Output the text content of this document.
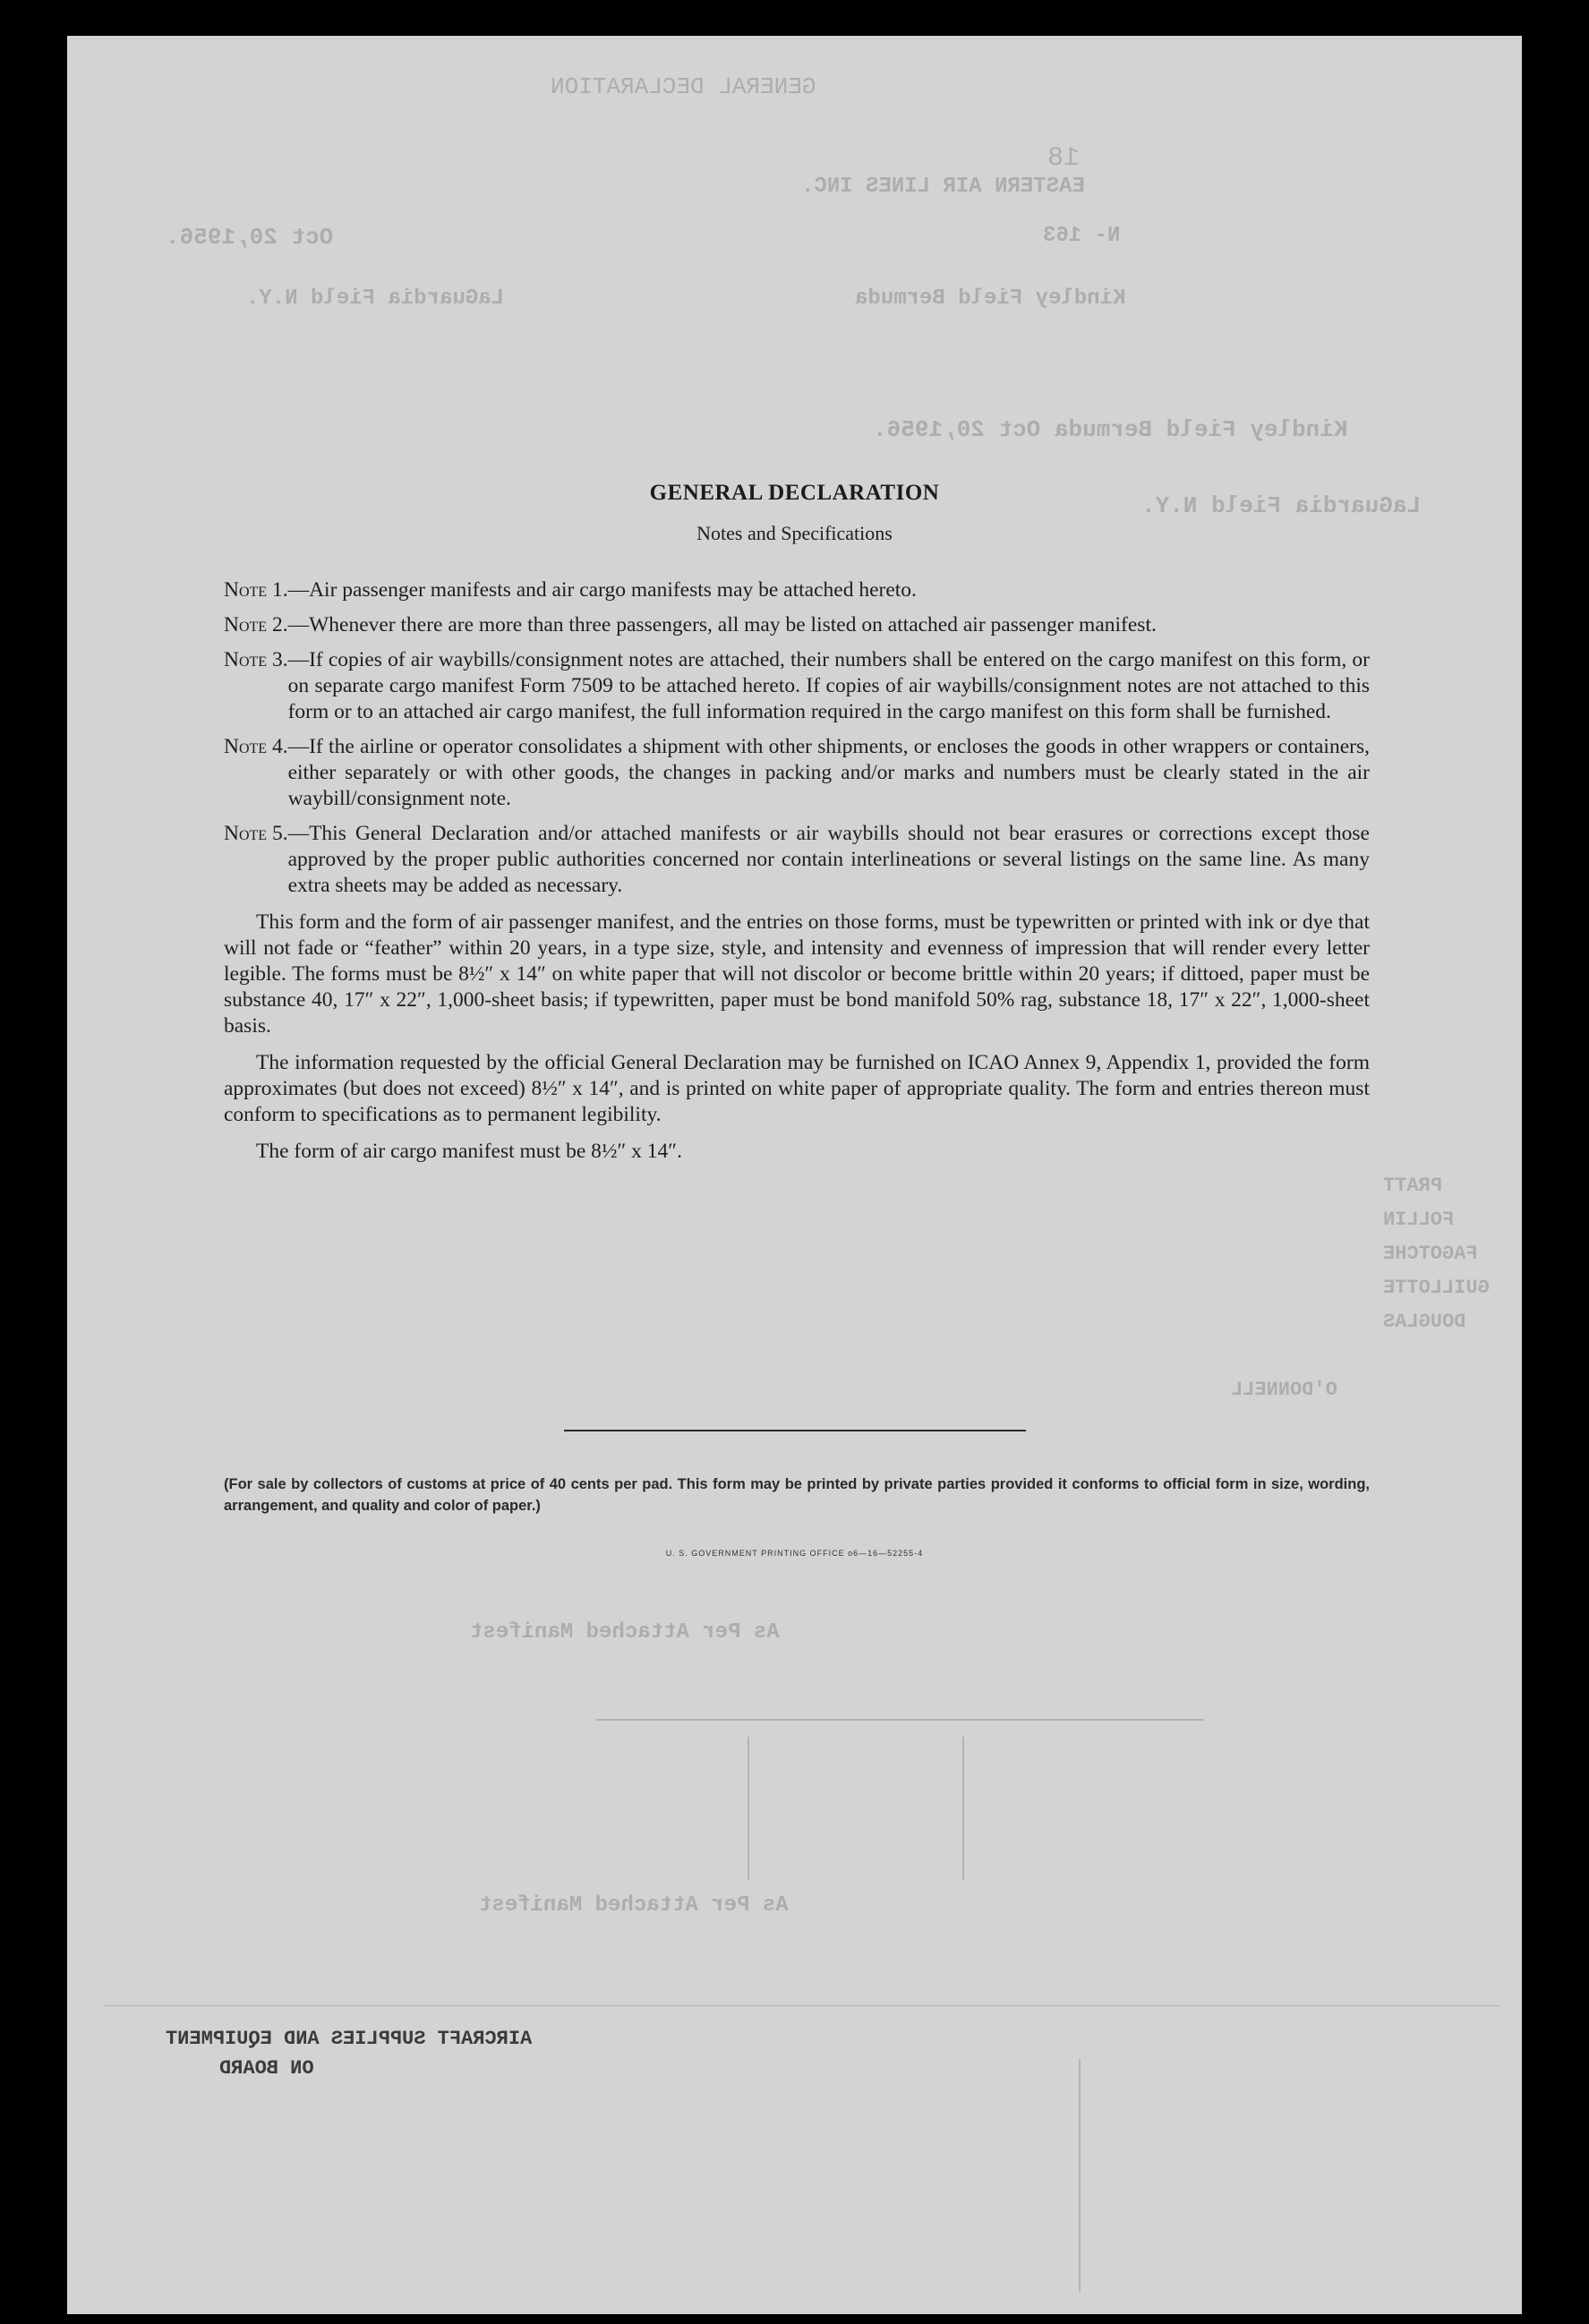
GENERAL DECLARATION
18
EASTERN AIR LINES INC.
N- 163
Oct 20,1956.
Kindley Field Bermuda
LaGuardia Field N.Y.
Kindley Field Bermuda Oct 20,1956.
LaGuardia Field N.Y.
PRATT
FOLLIN
FAGOTCHE
GUILLOTTE
DOUGLAS
O'DONNELL
As Per Attached Manifest
As Per Attached Manifest
GENERAL DECLARATION
Notes and Specifications
Note 1. —Air passenger manifests and air cargo manifests may be attached hereto.
Note 2. —Whenever there are more than three passengers, all may be listed on attached air passenger manifest.
Note 3. —If copies of air waybills/consignment notes are attached, their numbers shall be entered on the cargo manifest on this form, or on separate cargo manifest Form 7509 to be attached hereto. If copies of air waybills/consignment notes are not attached to this form or to an attached air cargo manifest, the full information required in the cargo manifest on this form shall be furnished.
Note 4. —If the airline or operator consolidates a shipment with other shipments, or encloses the goods in other wrappers or containers, either separately or with other goods, the changes in packing and/or marks and numbers must be clearly stated in the air waybill/consignment note.
Note 5. —This General Declaration and/or attached manifests or air waybills should not bear erasures or corrections except those approved by the proper public authorities concerned nor contain interlineations or several listings on the same line. As many extra sheets may be added as necessary.

This form and the form of air passenger manifest, and the entries on those forms, must be typewritten or printed with ink or dye that will not fade or “feather” within 20 years, in a type size, style, and intensity and evenness of impression that will render every letter legible. The forms must be 8½″ x 14″ on white paper that will not discolor or become brittle within 20 years; if dittoed, paper must be substance 40, 17″ x 22″, 1,000-sheet basis; if typewritten, paper must be bond manifold 50% rag, substance 18, 17″ x 22″, 1,000-sheet basis.

The information requested by the official General Declaration may be furnished on ICAO Annex 9, Appendix 1, provided the form approximates (but does not exceed) 8½″ x 14″, and is printed on white paper of appropriate quality. The form and entries thereon must conform to specifications as to permanent legibility.

The form of air cargo manifest must be 8½″ x 14″.

(For sale by collectors of customs at price of 40 cents per pad. This form may be printed by private parties provided it conforms to official form in size, wording, arrangement, and quality and color of paper.)
U. S. GOVERNMENT PRINTING OFFICE o6—16—52255-4
AIRCRAFT SUPPLIES AND EQUIPMENT
ON BOARD
